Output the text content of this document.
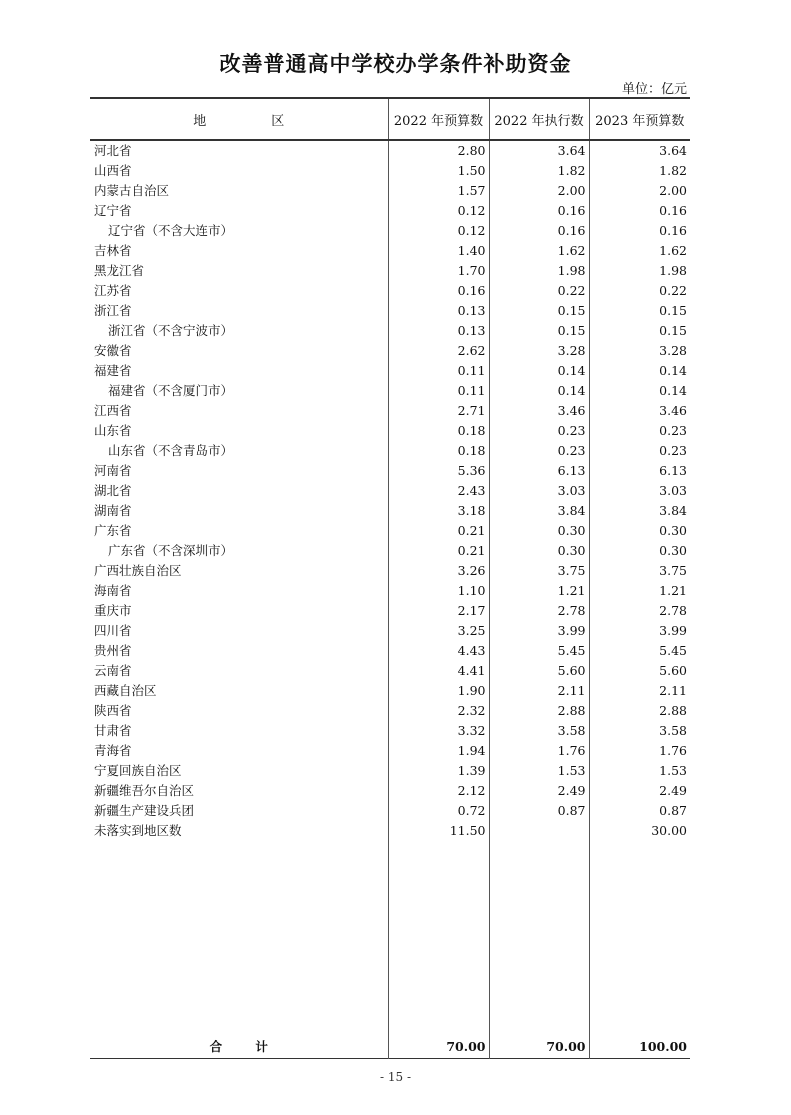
改善普通高中学校办学条件补助资金
单位：亿元
地　　　　　区	2022 年预算数	2022 年执行数	2023 年预算数
河北省	2.80	3.64	3.64
山西省	1.50	1.82	1.82
内蒙古自治区	1.57	2.00	2.00
辽宁省	0.12	0.16	0.16
辽宁省（不含大连市）	0.12	0.16	0.16
吉林省	1.40	1.62	1.62
黑龙江省	1.70	1.98	1.98
江苏省	0.16	0.22	0.22
浙江省	0.13	0.15	0.15
浙江省（不含宁波市）	0.13	0.15	0.15
安徽省	2.62	3.28	3.28
福建省	0.11	0.14	0.14
福建省（不含厦门市）	0.11	0.14	0.14
江西省	2.71	3.46	3.46
山东省	0.18	0.23	0.23
山东省（不含青岛市）	0.18	0.23	0.23
河南省	5.36	6.13	6.13
湖北省	2.43	3.03	3.03
湖南省	3.18	3.84	3.84
广东省	0.21	0.30	0.30
广东省（不含深圳市）	0.21	0.30	0.30
广西壮族自治区	3.26	3.75	3.75
海南省	1.10	1.21	1.21
重庆市	2.17	2.78	2.78
四川省	3.25	3.99	3.99
贵州省	4.43	5.45	5.45
云南省	4.41	5.60	5.60
西藏自治区	1.90	2.11	2.11
陕西省	2.32	2.88	2.88
甘肃省	3.32	3.58	3.58
青海省	1.94	1.76	1.76
宁夏回族自治区	1.39	1.53	1.53
新疆维吾尔自治区	2.12	2.49	2.49
新疆生产建设兵团	0.72	0.87	0.87
未落实到地区数	11.50		30.00

合 计	70.00	70.00	100.00
- 15 -
